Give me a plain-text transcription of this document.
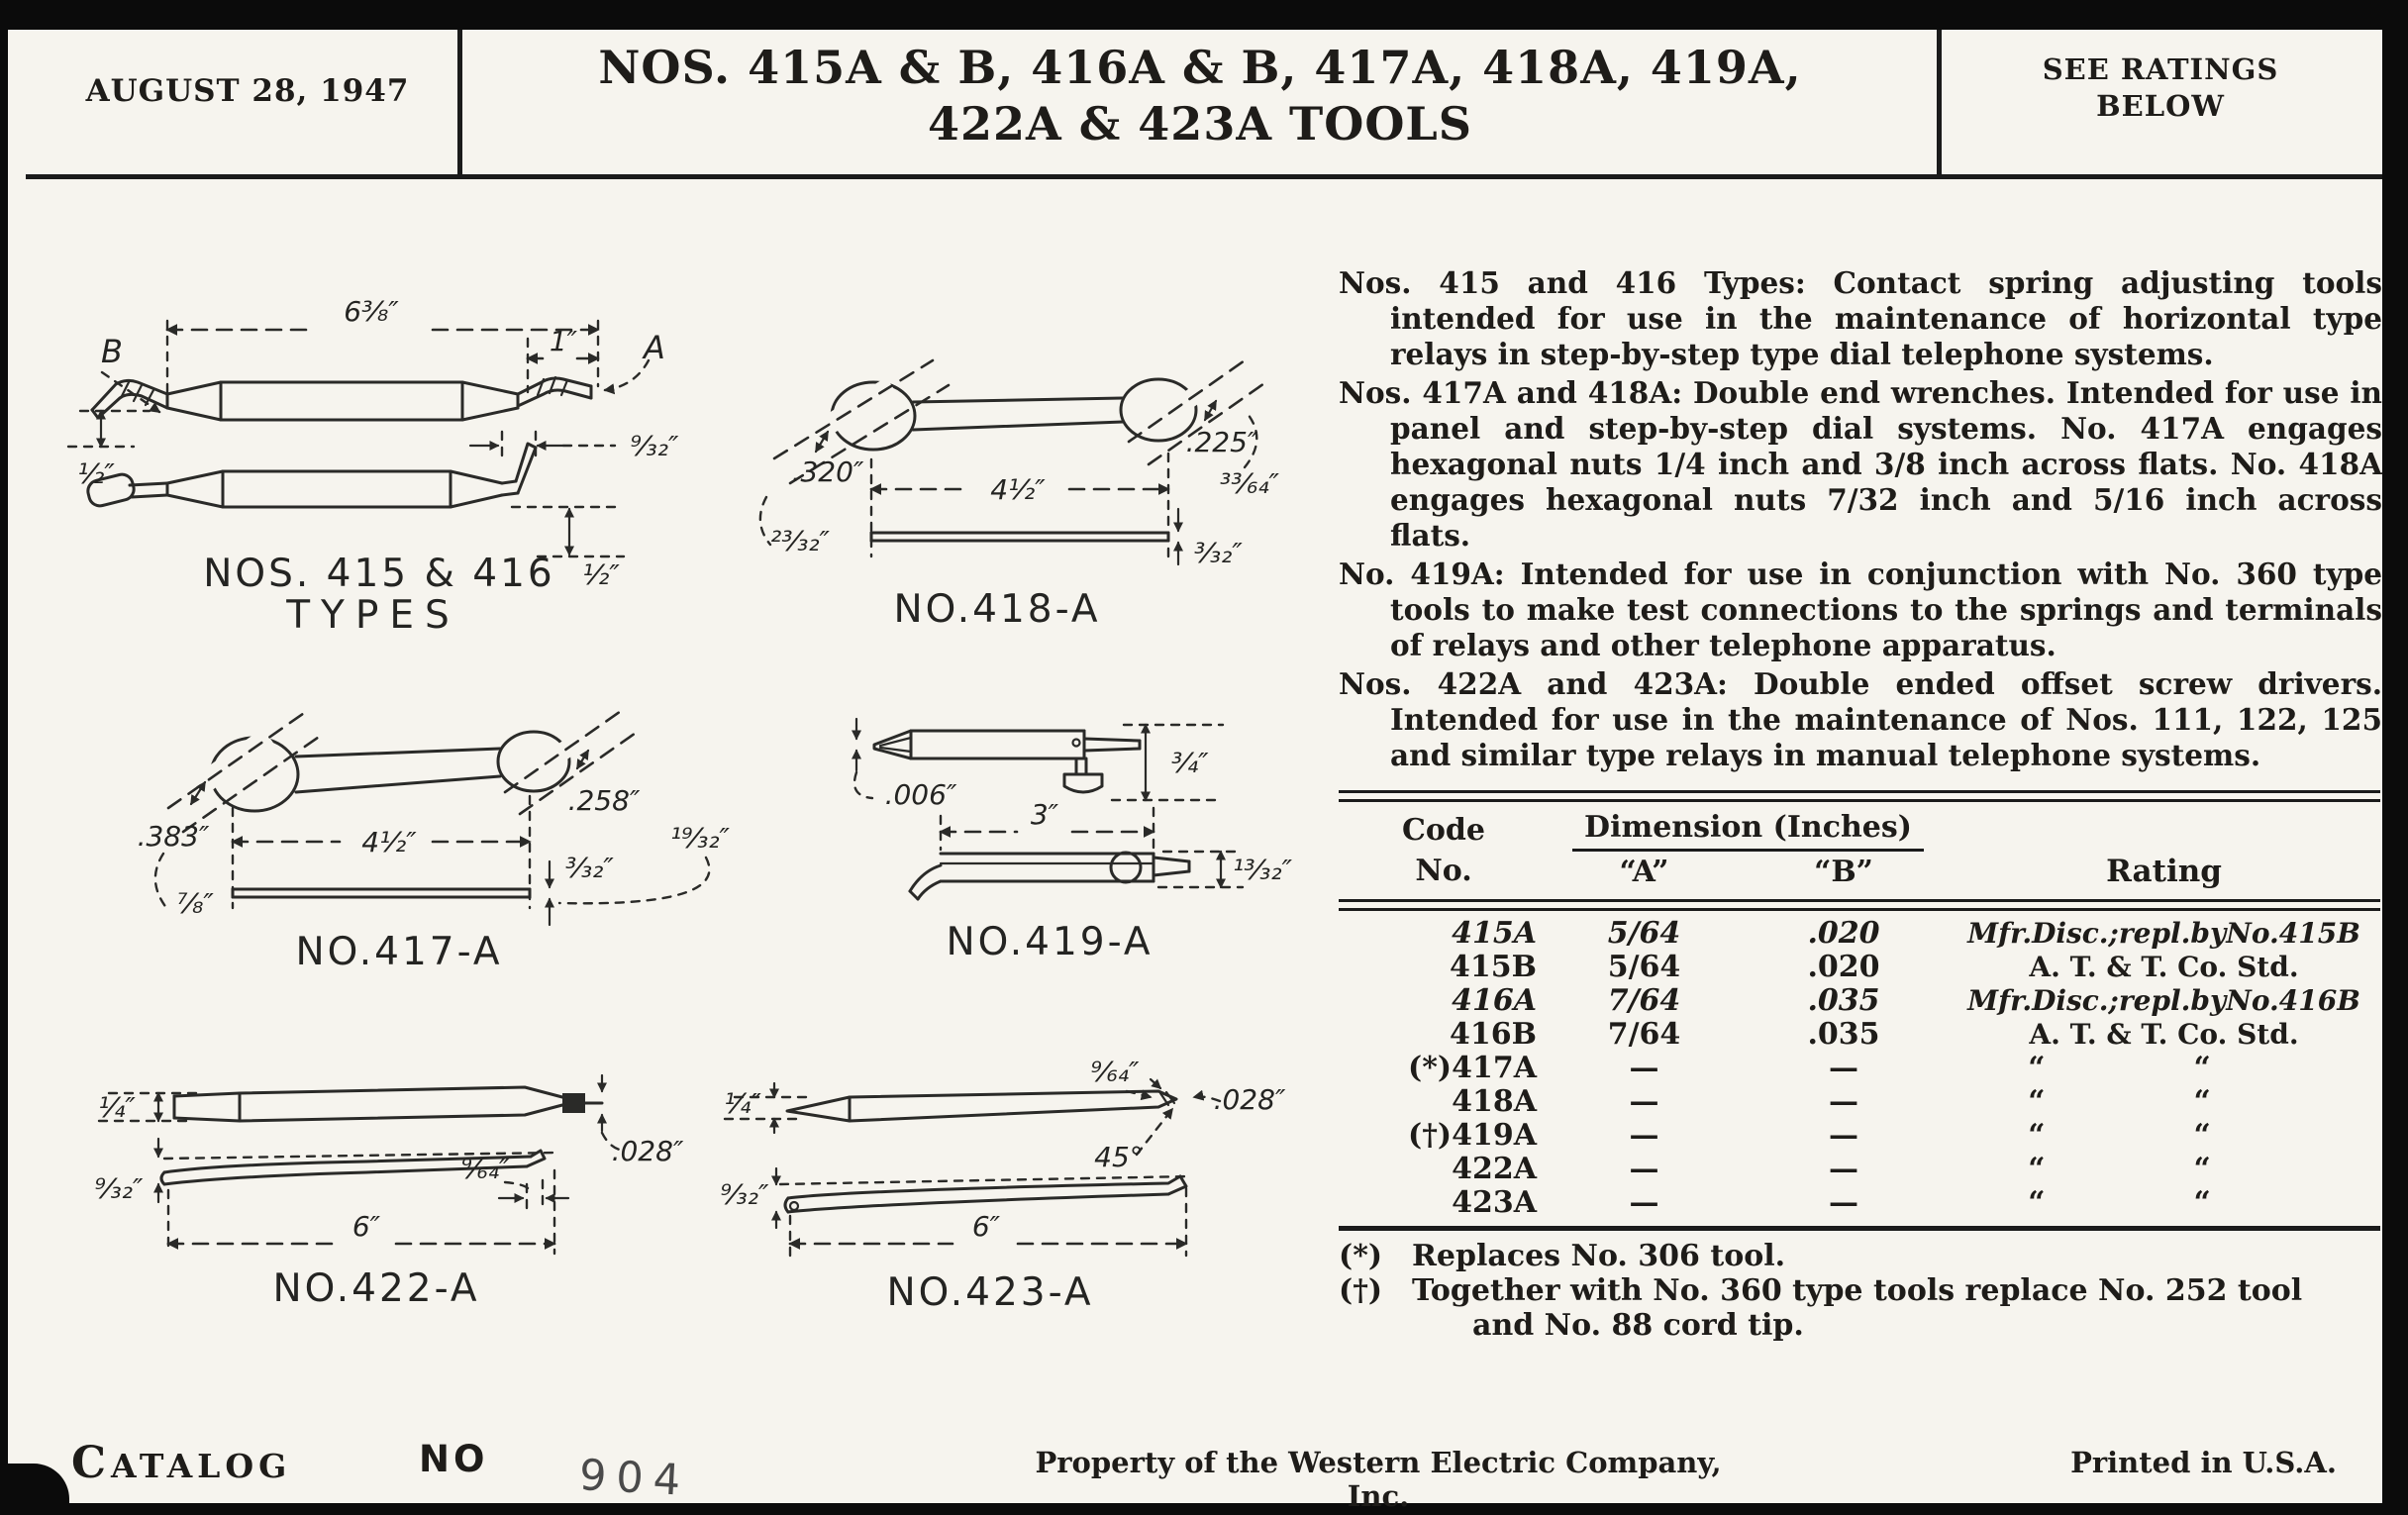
AUGUST 28, 1947	NOS. 415A & B, 416A & B, 417A, 418A, 419A,
422A & 423A TOOLS
SEE RATINGS
BELOW
6³⁄₈″
1″
B	A
¹⁄₂″
⁹⁄₃₂″
¹⁄₂″
NOS. 415 & 416
TYPES
.320″
²³⁄₃₂″
4¹⁄₂″
.225″
³³⁄₆₄″
³⁄₃₂″
NO.418-A
.383″
⁷⁄₈″
4¹⁄₂″
.258″
¹⁹⁄₃₂″
³⁄₃₂″
NO.417-A
.006″
³⁄₄″
3″
¹³⁄₃₂″
NO.419-A
¹⁄₄″
.028″
⁹⁄₆₄″
⁹⁄₃₂″
6″
NO.422-A
¹⁄₄″
⁹⁄₆₄″
.028″
45°
⁹⁄₃₂″
6″
NO.423-A

Nos. 415 and 416 Types: Contact spring adjusting tools intended for use in the maintenance of horizontal type relays in step-by-step type dial telephone systems.

Nos. 417A and 418A: Double end wrenches. Intended for use in panel and step-by-step dial systems. No. 417A engages hexagonal nuts 1/4 inch and 3/8 inch across flats. No. 418A engages hexagonal nuts 7/32 inch and 5/16 inch across flats.

No. 419A: Intended for use in conjunction with No. 360 type tools to make test connections to the springs and terminals of relays and other telephone apparatus.

Nos. 422A and 423A: Double ended offset screw drivers. Intended for use in the maintenance of Nos. 111, 122, 125 and similar type relays in manual telephone systems.

Code
No.
Dimension (Inches)
“A”	“B”	Rating
415A	5/64	.020	Mfr.Disc.;repl.byNo.415B
415B	5/64	.020	A. T. & T. Co. Std.
416A	7/64	.035	Mfr.Disc.;repl.byNo.416B
416B	7/64	.035	A. T. & T. Co. Std.
(*)417A	—	—	“	“
418A	—	—	“	“
(†)419A	—	—	“	“
422A	—	—	“	“
423A	—	—	“	“
(*) Replaces No. 306 tool.
(†) Together with No. 360 type tools replace No. 252 tool
and No. 88 cord tip.
CATALOG	NO 904	Property of the Western Electric Company, Inc.
Printed in U.S.A.
